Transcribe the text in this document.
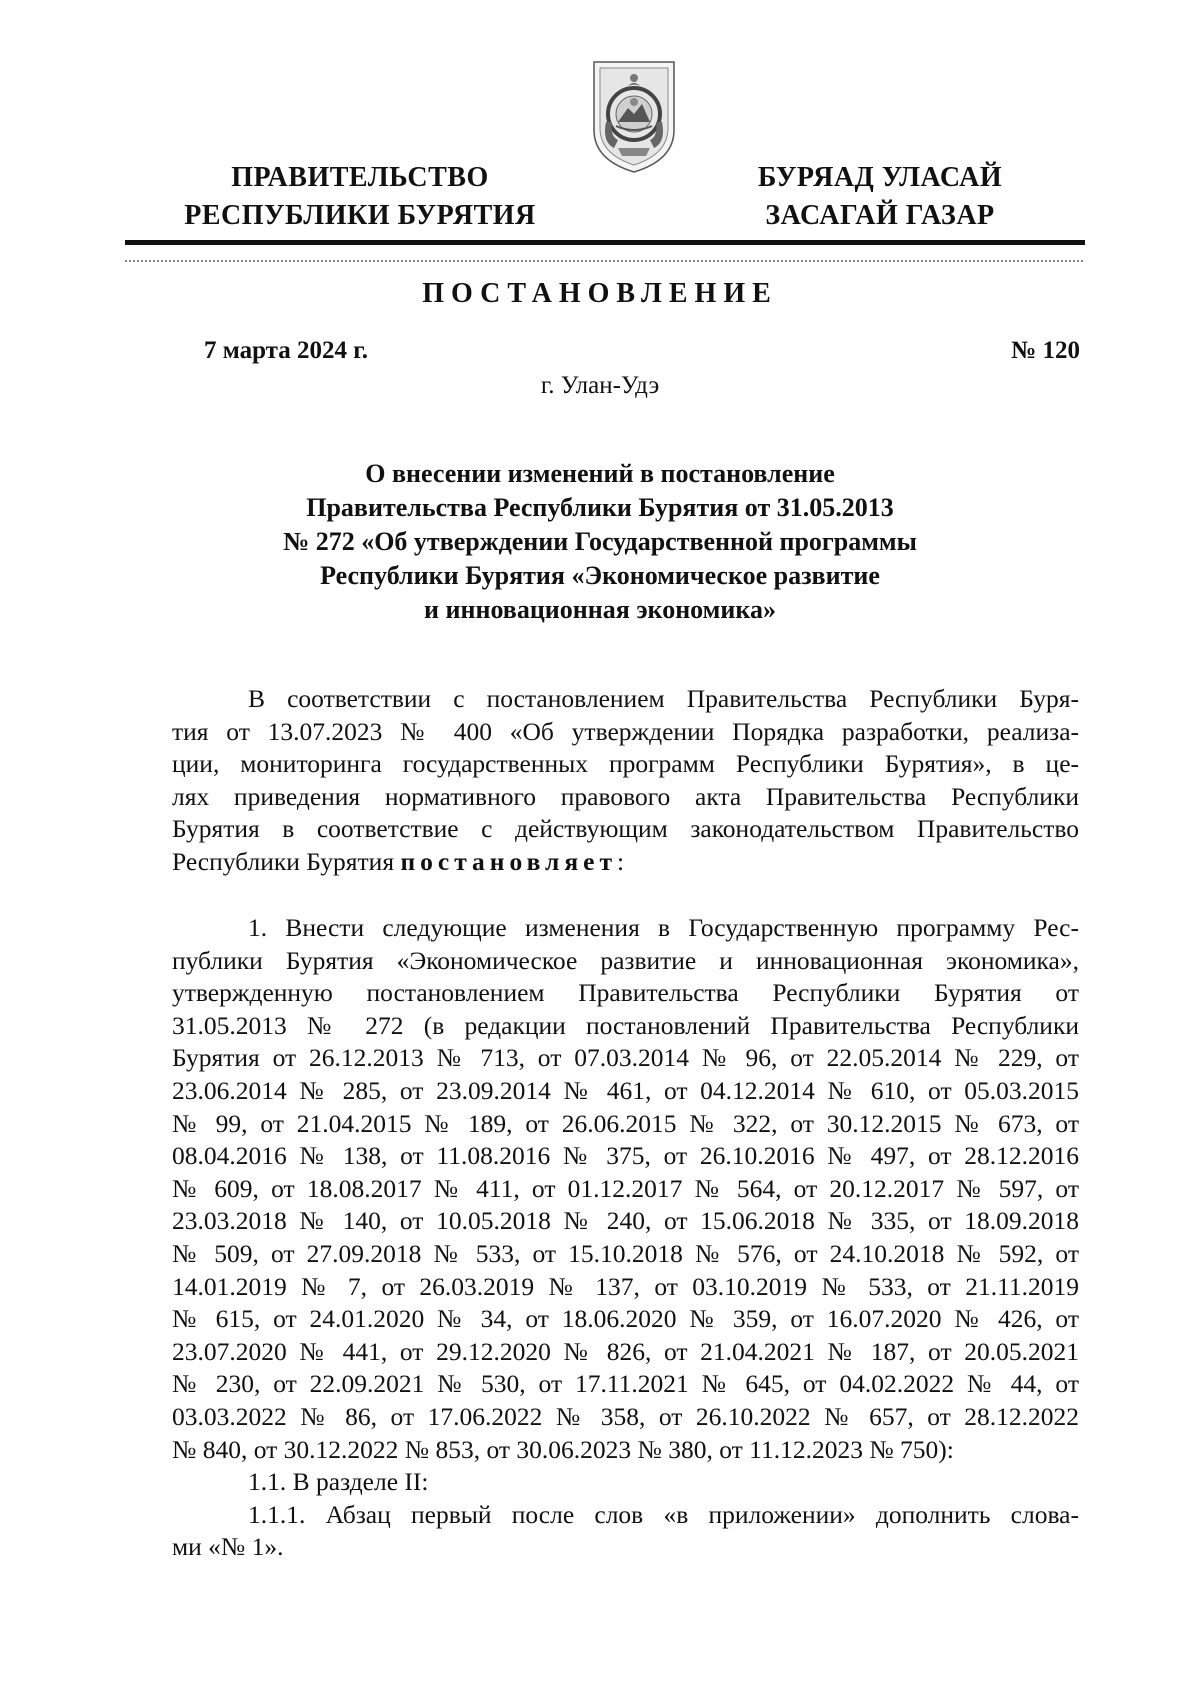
ПРАВИТЕЛЬСТВО
РЕСПУБЛИКИ БУРЯТИЯ
БУРЯАД УЛАСАЙ
ЗАСАГАЙ ГАЗАР
ПОСТАНОВЛЕНИЕ
7 марта 2024 г.	№ 120
г. Улан-Удэ
О внесении изменений в постановление
Правительства Республики Бурятия от 31.05.2013
№ 272 «Об утверждении Государственной программы
Республики Бурятия «Экономическое развитие
и инновационная экономика»
В соответствии с постановлением Правительства Республики Буря-
тия от 13.07.2023 № 400 «Об утверждении Порядка разработки, реализа-
ции, мониторинга государственных программ Республики Бурятия», в це-
лях приведения нормативного правового акта Правительства Республики
Бурятия в соответствие с действующим законодательством Правительство
Республики Бурятия постановляет:
1. Внести следующие изменения в Государственную программу Рес-
публики Бурятия «Экономическое развитие и инновационная экономика»,
утвержденную постановлением Правительства Республики Бурятия от
31.05.2013 № 272 (в редакции постановлений Правительства Республики
Бурятия от 26.12.2013 № 713, от 07.03.2014 № 96, от 22.05.2014 № 229, от
23.06.2014 № 285, от 23.09.2014 № 461, от 04.12.2014 № 610, от 05.03.2015
№ 99, от 21.04.2015 № 189, от 26.06.2015 № 322, от 30.12.2015 № 673, от
08.04.2016 № 138, от 11.08.2016 № 375, от 26.10.2016 № 497, от 28.12.2016
№ 609, от 18.08.2017 № 411, от 01.12.2017 № 564, от 20.12.2017 № 597, от
23.03.2018 № 140, от 10.05.2018 № 240, от 15.06.2018 № 335, от 18.09.2018
№ 509, от 27.09.2018 № 533, от 15.10.2018 № 576, от 24.10.2018 № 592, от
14.01.2019 № 7, от 26.03.2019 № 137, от 03.10.2019 № 533, от 21.11.2019
№ 615, от 24.01.2020 № 34, от 18.06.2020 № 359, от 16.07.2020 № 426, от
23.07.2020 № 441, от 29.12.2020 № 826, от 21.04.2021 № 187, от 20.05.2021
№ 230, от 22.09.2021 № 530, от 17.11.2021 № 645, от 04.02.2022 № 44, от
03.03.2022 № 86, от 17.06.2022 № 358, от 26.10.2022 № 657, от 28.12.2022
№ 840, от 30.12.2022 № 853, от 30.06.2023 № 380, от 11.12.2023 № 750):
1.1. В разделе II:
1.1.1. Абзац первый после слов «в приложении» дополнить слова-
ми «№ 1».
